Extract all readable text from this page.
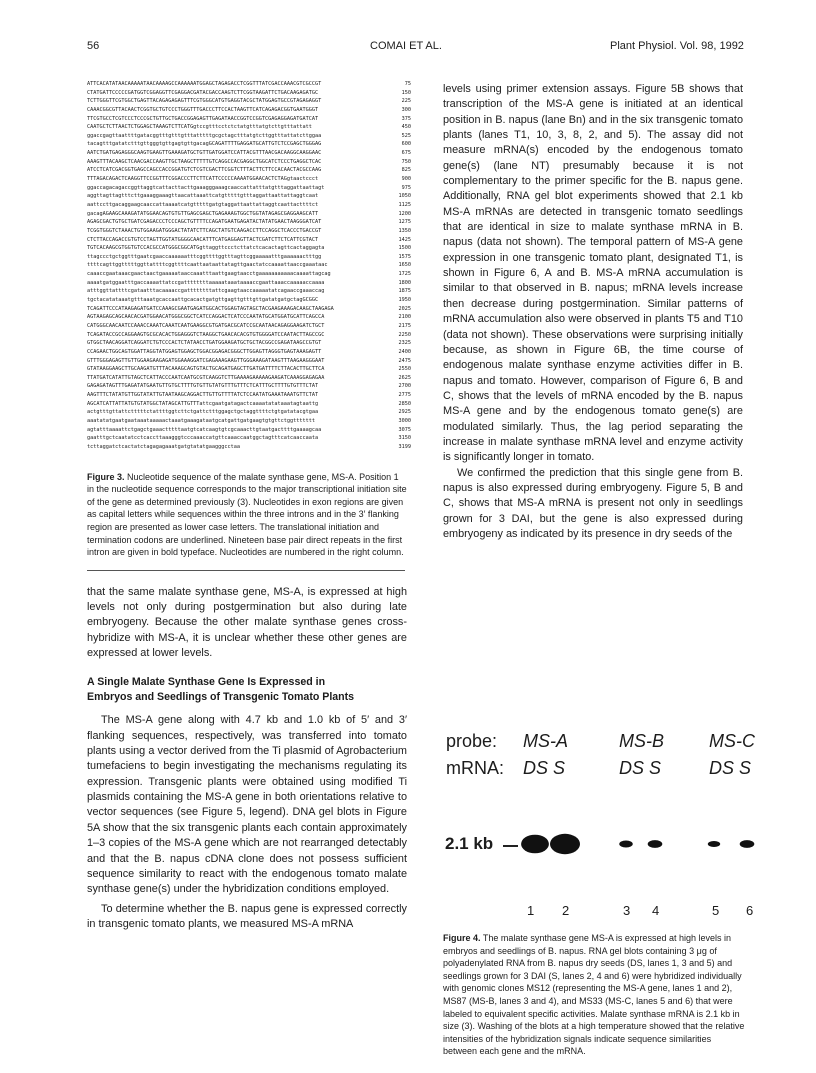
56	COMAI ET AL.	Plant Physiol. Vol. 98, 1992
ATTCACATATAACAAAAATAACAAAAGCCAAAAAATGGAGCTAGAGACCTCGGTTTATCGACCAAACGTCGCCGT	75
CTATGATTCCCCCGATGGTCGGAGGTTCGAGGACGATACGACCAAGTCTTCGGTAAGATTCTGACAAGAGATGC	150
TCTTGGGTTCGTGGCTGAGTTACAGAGAGAGTTTCGTGGGCATGTGAGGTACGCTATGGAGTGCCGTAGAGAGGT	225
CAAACGGCGTTACAACTCGGTGCTGTCCCTGGGTTTGACCCTTCCACTAAGTTCATCAGAGACGGTGAATGGGT	300
TTCGTGCCTCGTCCCTCCCGCTGTTGCTGACCGGAGAGTTGAGATAACCGGTCCGGTCGAGAGGAGATGATCAT	375
CAATGCTCTTAACTCTGGAGCTAAAGTCTTCATGgtccgtttcctctctatgtttatgtcttgtttattatt	450
ggaccgagttaattttgatacggtttgtttgtttatttttgcgctagctttatgtcttggtttattatcttggaa	525
tacagtttgatatctttgttgggtgttgagtgttgacagGCAGATTTTGAGGATGCATTGTCTCCGAGCTGGGAG	600
AATCTGATGAGAGGGCAAGTGAAGTTGAAAGATGCTGTTGATGGATCCATTACGTTTAACGACAAGGCAAGGAAC	675
AAAGTTTACAAGCTCAACGACCAAGTTGCTAAGCTTTTTGTCAGGCCACGAGGCTGGCATCTCCCTGAGGCTCAC	750
ATCCTCATCGACGGTGAGCCAGCCACCGGATGTCTCGTCGACTTCGGTCTTTACTTCTTCCACAACTACGCCAAG	825
TTTAGACAGACTCAAGGTTCCGGTTTCGGACCCTTCTTCATTCCCCCAAAATGGAACACTCTAGgtaactccct	900
ggaccagacagaccggttaggtcattacttacttgaaagggaaagcaaccattatttatgtttaggattaattagt	975
aggttagttagtttcttgaaaggaaagttaacattaaattcatgtttttgtttaggattaattattaggtcaat	1050
aattccttgacaggaagcaaccattaaaatcatgtttttgatgtaggattaattattaggtcaattacttttct	1125
gacagAGAAGCAAAGATATGGAACAGTGTGTTGAGCGAGCTGAGAAAGTGGCTGGTATAGAGCGAGGAAGCATT	1200
AGAGCGACTGTGCTGATCGAGACCCTCCCAGCTGTTTTCCAGATGAATGAGATACTATATGAACTAAGGGATCAT	1275
TCGGTGGGTCTAAACTGTGGAAGATGGGACTATATCTTCAGCTATGTCAAGACCTTCCAGGCTCACCCTGACCGT	1350
CTCTTACCAGACCGTGTCCTAGTTGGTATGGGGCAACATTTCATGAGGAGTTACTCGATCTTCTCATTCGTACT	1425
TGTCACAAGCGTGGTGTCCACGCCATGGGCGGCATGgttaggttccctcttatctcacactagttcactaggagta	1500
ttagccctgctggtttgaatcgaaccaaaaaatttcggttttggtttagttcggaaaaatttgaaaaaactttgg	1575
ttttcagttggtttttggttattttcggttttcaattaataattatagttgaactatccaaaattaaccgaaataac	1650
caaaccgaataaacgaactaactgaaaaataaccaaatttaattgaagtaacctgaaaaaaaaaaacaaaattagcag	1725
aaaatgatggaatttgaccaaaattatccgattttttttaaaaataaataaaaccgaattaaaccaaaaaccaaaa	1800
atttggttattttcgataatttacaaaaccgattttttttattcgaagtaaccaaaaatatcagaaccgaaaccag	1875
tgctacatataaatgtttaaatgcaccaattgcacactgatgttgagttgtttgttgatatgatgctagGCGGC	1950
TCAGATTCCCATAAGAGATGATCCAAAGCGAATGAGATGGCACTGGAGTAGTAGCTACGAAGAAAGACAAGCTAAGAGA	2025
AGTAAGAGCAGCAACACGATGGAACATGGGCGGCTCATCCAGGACTCATCCCAATATGCATGGATGCATTCAGCCA	2100
CATGGGCAACAATCCAAACCAAATCAAATCAATGAAGGCGTGATGACGCATCCGCAATAACAGAGGAAGATCTGCT	2175
TCAGATACCGCCAGGAAGTGCGCACACTGGAGGGTCTAAGGCTGAACACACGTGTGGGGATCCAATACTTAGCCGC	2250
GTGGCTAACAGGATCAGGATCTGTCCCACTCTATAACCTGATGGAAGATGCTGCTACGGCCGAGATAAGCCGTGT	2325
CCAGAACTGGCAGTGGATTAGGTATGGAGTGGAGCTGGACGGAGACGGGCTTGGAGTTAGGGTGAGTAAAGAGTT	2400
GTTTGGGAGAGTTGTTGGAAGAAGAGATGGAAAGGATCGAGAAAGAAGTTGGGAAAGATAAGTTTAAGAAGGGAAT	2475
GTATAAGGAAGCTTGCAAGATGTTTACAAAGCAGTGTACTGCAGATGAGCTTGATGATTTTCTTACACTTGCTTCA	2550
TTATGATCATATTGTAGCTCATTACCCAATCAATGCGTCAAGGTCTTGAAAAGAAAAAGAAGATCAAAGGAGAGAA	2625
GAGAGATAGTTTGAGATATGAATGTTGTGCTTTTGTGTTGTATGTTTGTTTCTCATTTGCTTTTGTGTTTCTAT	2700
AAGTTTCTATATGTTGGTATATTGTAATAAGCAGGACTTGTTGTTTTATCTCCAATATGAAATAAATGTTCTAT	2775
AGCATCATTATTATGTGTATGGCTATAGCATTGTTTattcgaatgatagactcaaaatatataaatagtaattg	2850
actgtttgttattctttttctattttggtcttctgattctttggagctgctaggttttctgtgatatacgtgaa	2925
aaatatatgaatgaataaataaaaactaaatgaaagataatgcatgattgatgaagtgtgttctggttttttt	3000
agtatttaaaattctgagctgaaactttttaatgtcatcaagtgtcgcaaacttgtaatgacttttgaaaagcaa	3075
gaatttgctcaatatcctcaccttaaagggtcccaaaccatgttcaaaccaatggctagtttcatcaaccaata	3150
tcttaggatctcactatctagagagaaatgatgtatatgaagggcctaa	3199
Figure 3. Nucleotide sequence of the malate synthase gene, MS-A. Position 1 in the nucleotide sequence corresponds to the major transcriptional initiation site of the gene as determined previously (3). Nucleotides in exon regions are given as capital letters while sequences within the three introns and in the 3′ flanking region are presented as lower case letters. The translational initiation and termination codons are underlined. Nineteen base pair direct repeats in the first intron are given in bold typeface. Nucleotides are numbered in the right column.
that the same malate synthase gene, MS-A, is expressed at high levels not only during postgermination but also during late embryogeny. Because the other malate synthase genes cross-hybridize with MS-A, it is unclear whether these other genes are expressed at lower levels.
A Single Malate Synthase Gene Is Expressed in
Embryos and Seedlings of Transgenic Tomato Plants
The MS-A gene along with 4.7 kb and 1.0 kb of 5′ and 3′ flanking sequences, respectively, was transferred into tomato plants using a vector derived from the Ti plasmid of Agrobacterium tumefaciens to begin investigating the mechanisms regulating its expression. Transgenic plants were obtained using modified Ti plasmids containing the MS-A gene in both orientations relative to vector sequences (see Figure 5, legend). DNA gel blots in Figure 5A show that the six transgenic plants each contain approximately 1–3 copies of the MS-A gene which are not rearranged detectably and that the B. napus cDNA clone does not possess sufficient sequence similarity to react with the endogenous tomato malate synthase gene(s) under the hybridization conditions employed.
To determine whether the B. napus gene is expressed correctly in transgenic tomato plants, we measured MS-A mRNA
levels using primer extension assays. Figure 5B shows that transcription of the MS-A gene is initiated at an identical position in B. napus (lane Bn) and in the six transgenic tomato plants (lanes T1, 10, 3, 8, 2, and 5). The assay did not measure mRNA(s) encoded by the endogenous tomato gene(s) (lane NT) presumably because it is not complementary to the primer specific for the B. napus gene. Additionally, RNA gel blot experiments showed that 2.1 kb MS-A mRNAs are detected in transgenic tomato seedlings that are identical in size to malate synthase mRNA in B. napus (data not shown). The temporal pattern of MS-A gene expression in one transgenic tomato plant, designated T1, is shown in Figure 6, A and B. MS-A mRNA accumulation is similar to that observed in B. napus; mRNA levels increase then decrease during postgermination. Similar patterns of mRNA accumulation also were observed in plants T5 and T10 (data not shown). These observations were surprising initially because, as shown in Figure 6B, the time course of endogenous malate synthase enzyme activities differ in B. napus and tomato. However, comparison of Figure 6, B and C, shows that the levels of mRNA encoded by the B. napus MS-A gene and by the endogenous tomato gene(s) are modulated similarly. Thus, the lag period separating the increase in malate synthase mRNA level and enzyme activity is significantly longer in tomato.
We confirmed the prediction that this single gene from B. napus is also expressed during embryogeny. Figure 5, B and C, shows that MS-A mRNA is present not only in seedlings grown for 3 DAI, but the gene is also expressed during embryogeny as indicated by its presence in dry seeds of the
probe:
mRNA:
MS-A	MS-B	MS-C
DS S	DS S	DS S
2.1 kb
1 2	3 4	5 6
Figure 4. The malate synthase gene MS-A is expressed at high levels in embryos and seedlings of B. napus. RNA gel blots containing 3 μg of polyadenylated RNA from B. napus dry seeds (DS, lanes 1, 3 and 5) and seedlings grown for 3 DAI (S, lanes 2, 4 and 6) were hybridized individually with genomic clones MS12 (representing the MS-A gene, lanes 1 and 2), MS87 (MS-B, lanes 3 and 4), and MS33 (MS-C, lanes 5 and 6) that were labeled to equivalent specific activities. Malate synthase mRNA is 2.1 kb in size (3). Washing of the blots at a high temperature showed that the relative intensities of the hybridization signals indicate sequence similarities between each gene and the mRNA.
